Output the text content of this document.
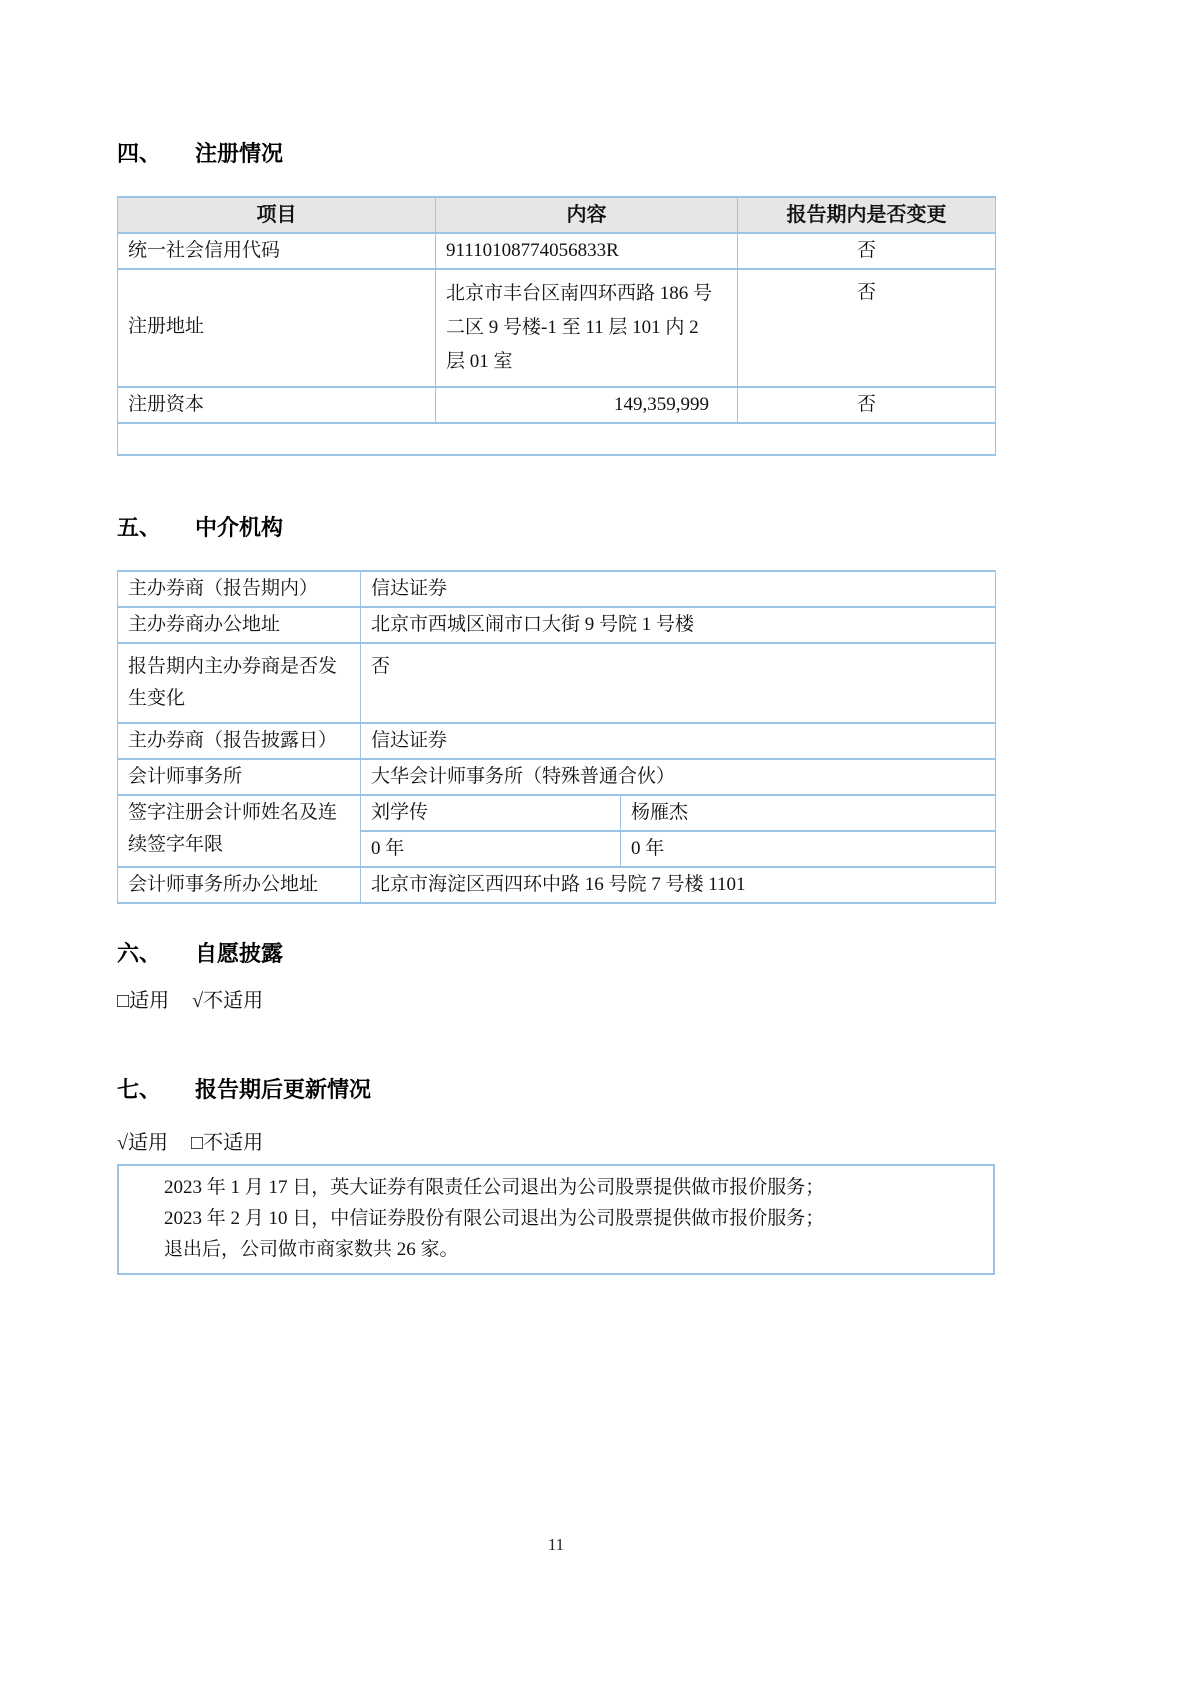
四、	注册情况
项目	内容	报告期内是否变更
统一社会信用代码	91110108774056833R	否

注册地址	北京市丰台区南四环西路 186 号
二区 9 号楼-1 至 11 层 101 内 2
层 01 室	否
注册资本	149,359,999	否

五、	中介机构
主办券商（报告期内）	信达证券	
主办券商办公地址	北京市西城区闹市口大街 9 号院 1 号楼	
报告期内主办券商是否发生变化	否	
主办券商（报告披露日）	信达证券	
会计师事务所	大华会计师事务所（特殊普通合伙）	
签字注册会计师姓名及连续签字年限	刘学传	杨雁杰
	0 年	0 年
会计师事务所办公地址	北京市海淀区西四环中路 16 号院 7 号楼 1101	
六、	自愿披露
□适用 √不适用
七、	报告期后更新情况
√适用 □不适用

2023 年 1 月 17 日，英大证券有限责任公司退出为公司股票提供做市报价服务；

2023 年 2 月 10 日，中信证券股份有限公司退出为公司股票提供做市报价服务；

退出后，公司做市商家数共 26 家。

11
